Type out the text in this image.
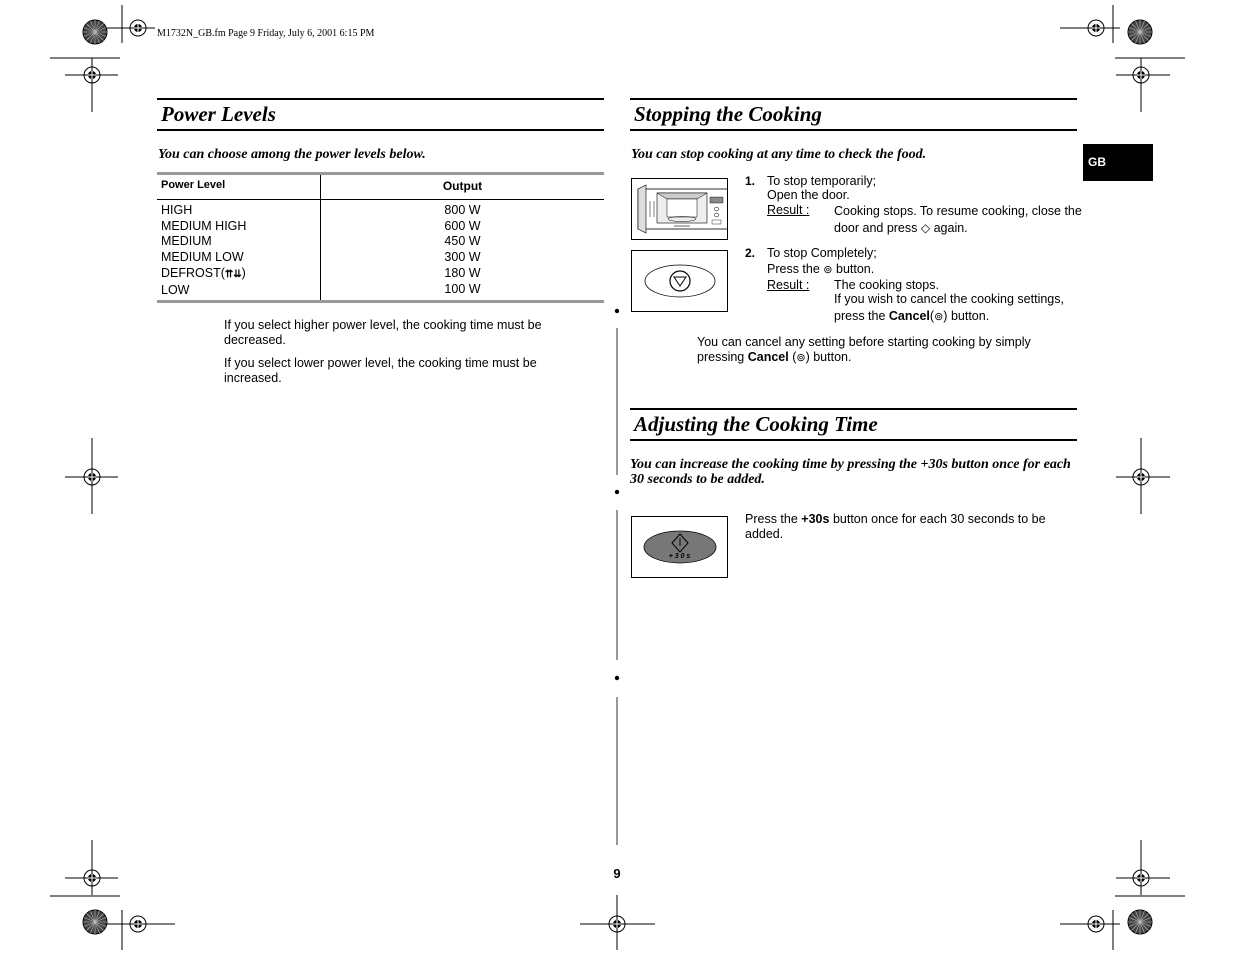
M1732N_GB.fm Page 9 Friday, July 6, 2001 6:15 PM
GB
Power Levels
You can choose among the power levels below.
Power Level	Output
HIGH
MEDIUM HIGH
MEDIUM
MEDIUM LOW
DEFROST(⇈⇊)
LOW
800 W
600 W
450 W
300 W
180 W
100 W
If you select higher power level, the cooking time must be decreased.
If you select lower power level, the cooking time must be increased.
Stopping the Cooking
You can stop cooking at any time to check the food.
1. To stop temporarily;
Open the door.
Result : Cooking stops. To resume cooking, close the door and press ◇ again.
2. To stop Completely;
Press the ⊚ button.
Result : The cooking stops.
If you wish to cancel the cooking settings,
press the Cancel(⊚) button.
You can cancel any setting before starting cooking by simply
pressing Cancel (⊚) button.
Adjusting the Cooking Time
You can increase the cooking time by pressing the +30s button once for each 30 seconds to be added.
+ 3 0 s
Press the +30s button once for each 30 seconds to be added.
9
